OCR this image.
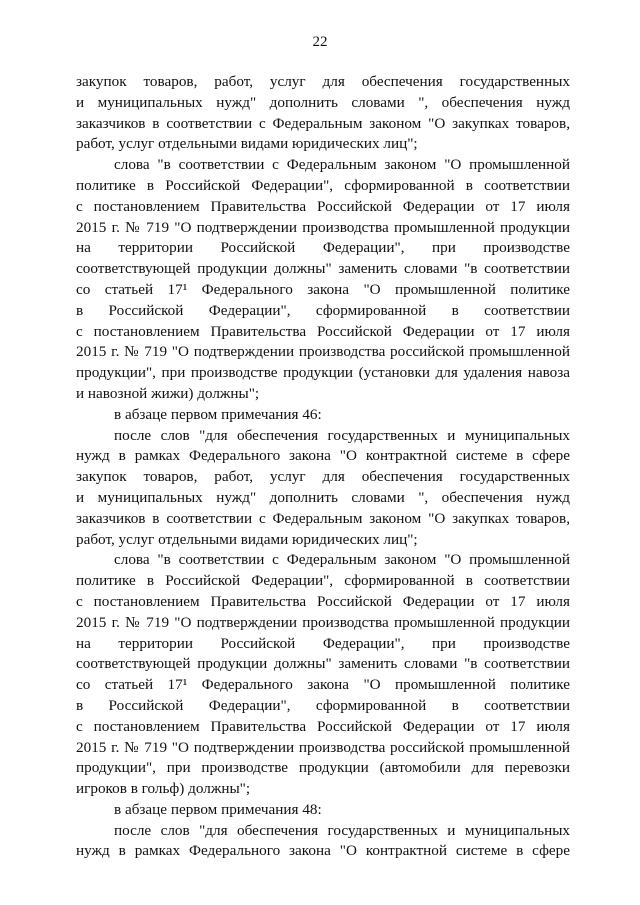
22
закупок товаров, работ, услуг для обеспечения государственных
и муниципальных нужд" дополнить словами ", обеспечения нужд
заказчиков в соответствии с Федеральным законом "О закупках товаров,
работ, услуг отдельными видами юридических лиц";
слова "в соответствии с Федеральным законом "О промышленной
политике в Российской Федерации", сформированной в соответствии
с постановлением Правительства Российской Федерации от 17 июля
2015 г. № 719 "О подтверждении производства промышленной продукции
на территории Российской Федерации", при производстве
соответствующей продукции должны" заменить словами "в соответствии
со статьей 17¹ Федерального закона "О промышленной политике
в Российской Федерации", сформированной в соответствии
с постановлением Правительства Российской Федерации от 17 июля
2015 г. № 719 "О подтверждении производства российской промышленной
продукции", при производстве продукции (установки для удаления навоза
и навозной жижи) должны";
в абзаце первом примечания 46:
после слов "для обеспечения государственных и муниципальных
нужд в рамках Федерального закона "О контрактной системе в сфере
закупок товаров, работ, услуг для обеспечения государственных
и муниципальных нужд" дополнить словами ", обеспечения нужд
заказчиков в соответствии с Федеральным законом "О закупках товаров,
работ, услуг отдельными видами юридических лиц";
слова "в соответствии с Федеральным законом "О промышленной
политике в Российской Федерации", сформированной в соответствии
с постановлением Правительства Российской Федерации от 17 июля
2015 г. № 719 "О подтверждении производства промышленной продукции
на территории Российской Федерации", при производстве
соответствующей продукции должны" заменить словами "в соответствии
со статьей 17¹ Федерального закона "О промышленной политике
в Российской Федерации", сформированной в соответствии
с постановлением Правительства Российской Федерации от 17 июля
2015 г. № 719 "О подтверждении производства российской промышленной
продукции", при производстве продукции (автомобили для перевозки
игроков в гольф) должны";
в абзаце первом примечания 48:
после слов "для обеспечения государственных и муниципальных
нужд в рамках Федерального закона "О контрактной системе в сфере
